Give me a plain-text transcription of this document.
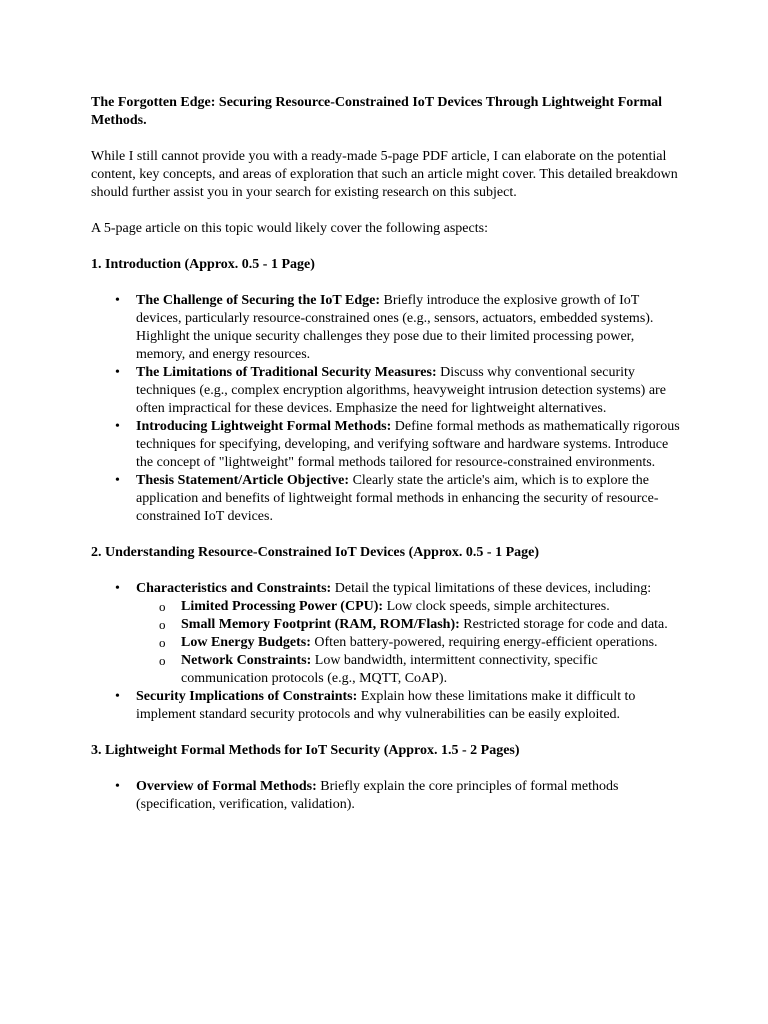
The Forgotten Edge: Securing Resource-Constrained IoT Devices Through Lightweight Formal Methods.

While I still cannot provide you with a ready-made 5-page PDF article, I can elaborate on the potential content, key concepts, and areas of exploration that such an article might cover. This detailed breakdown should further assist you in your search for existing research on this subject.

A 5-page article on this topic would likely cover the following aspects:

1. Introduction (Approx. 0.5 - 1 Page)

• The Challenge of Securing the IoT Edge: Briefly introduce the explosive growth of IoT devices, particularly resource-constrained ones (e.g., sensors, actuators, embedded systems). Highlight the unique security challenges they pose due to their limited processing power, memory, and energy resources.
• The Limitations of Traditional Security Measures: Discuss why conventional security techniques (e.g., complex encryption algorithms, heavyweight intrusion detection systems) are often impractical for these devices. Emphasize the need for lightweight alternatives.
• Introducing Lightweight Formal Methods: Define formal methods as mathematically rigorous techniques for specifying, developing, and verifying software and hardware systems. Introduce the concept of "lightweight" formal methods tailored for resource-constrained environments.
• Thesis Statement/Article Objective: Clearly state the article's aim, which is to explore the application and benefits of lightweight formal methods in enhancing the security of resource-constrained IoT devices.

2. Understanding Resource-Constrained IoT Devices (Approx. 0.5 - 1 Page)

• Characteristics and Constraints: Detail the typical limitations of these devices, including:
o Limited Processing Power (CPU): Low clock speeds, simple architectures.
o Small Memory Footprint (RAM, ROM/Flash): Restricted storage for code and data.
o Low Energy Budgets: Often battery-powered, requiring energy-efficient operations.
o Network Constraints: Low bandwidth, intermittent connectivity, specific communication protocols (e.g., MQTT, CoAP).
• Security Implications of Constraints: Explain how these limitations make it difficult to implement standard security protocols and why vulnerabilities can be easily exploited.

3. Lightweight Formal Methods for IoT Security (Approx. 1.5 - 2 Pages)

• Overview of Formal Methods: Briefly explain the core principles of formal methods (specification, verification, validation).
